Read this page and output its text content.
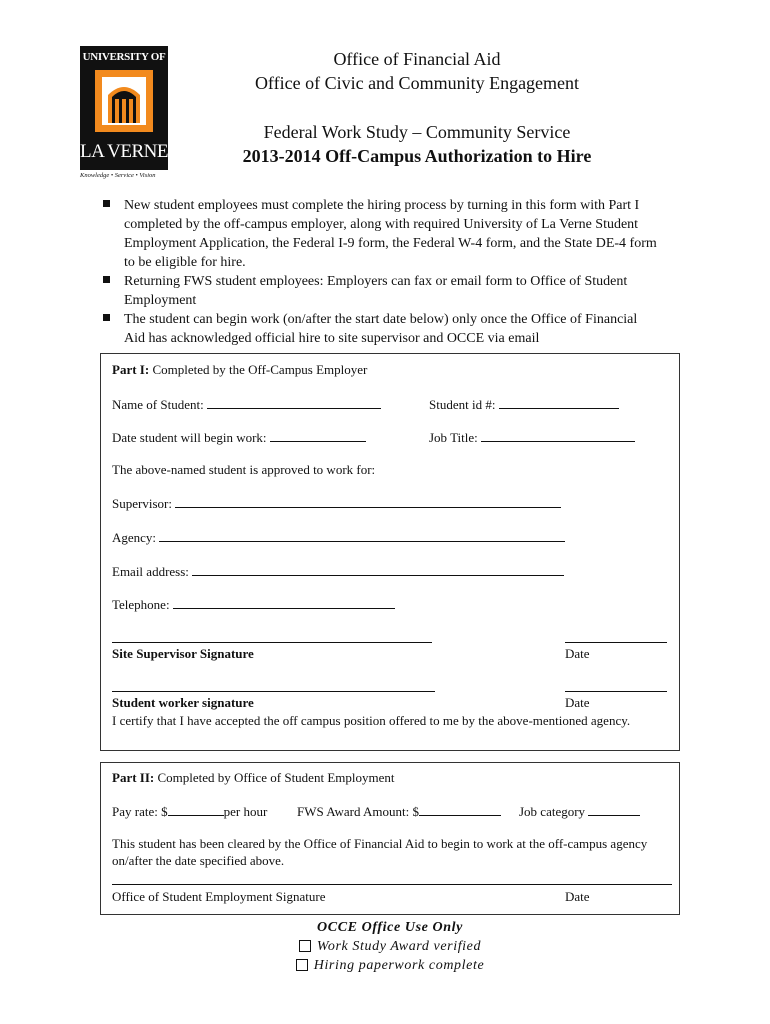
UNIVERSITY OF
LA VERNE
Knowledge • Service • Vision
Office of Financial Aid
Office of Civic and Community Engagement
Federal Work Study – Community Service
2013-2014 Off-Campus Authorization to Hire
New student employees must complete the hiring process by turning in this form with Part I completed by the off-campus employer, along with required University of La Verne Student Employment Application, the Federal I-9 form, the Federal W-4 form, and the State DE-4 form to be eligible for hire.
Returning FWS student employees: Employers can fax or email form to Office of Student Employment
The student can begin work (on/after the start date below) only once the Office of Financial Aid has acknowledged official hire to site supervisor and OCCE via email
Part I: Completed by the Off-Campus Employer
Name of Student:	Student id #:
Date student will begin work:	Job Title:
The above-named student is approved to work for:
Supervisor:
Agency:
Email address:
Telephone:
Site Supervisor Signature	Date
Student worker signature	Date
I certify that I have accepted the off campus position offered to me by the above-mentioned agency.
Part II: Completed by Office of Student Employment
Pay rate: $	per hour FWS Award Amount: $	Job category
This student has been cleared by the Office of Financial Aid to begin to work at the off-campus agency on/after the date specified above.
Office of Student Employment Signature	Date
OCCE Office Use Only
Work Study Award verified
Hiring paperwork complete
